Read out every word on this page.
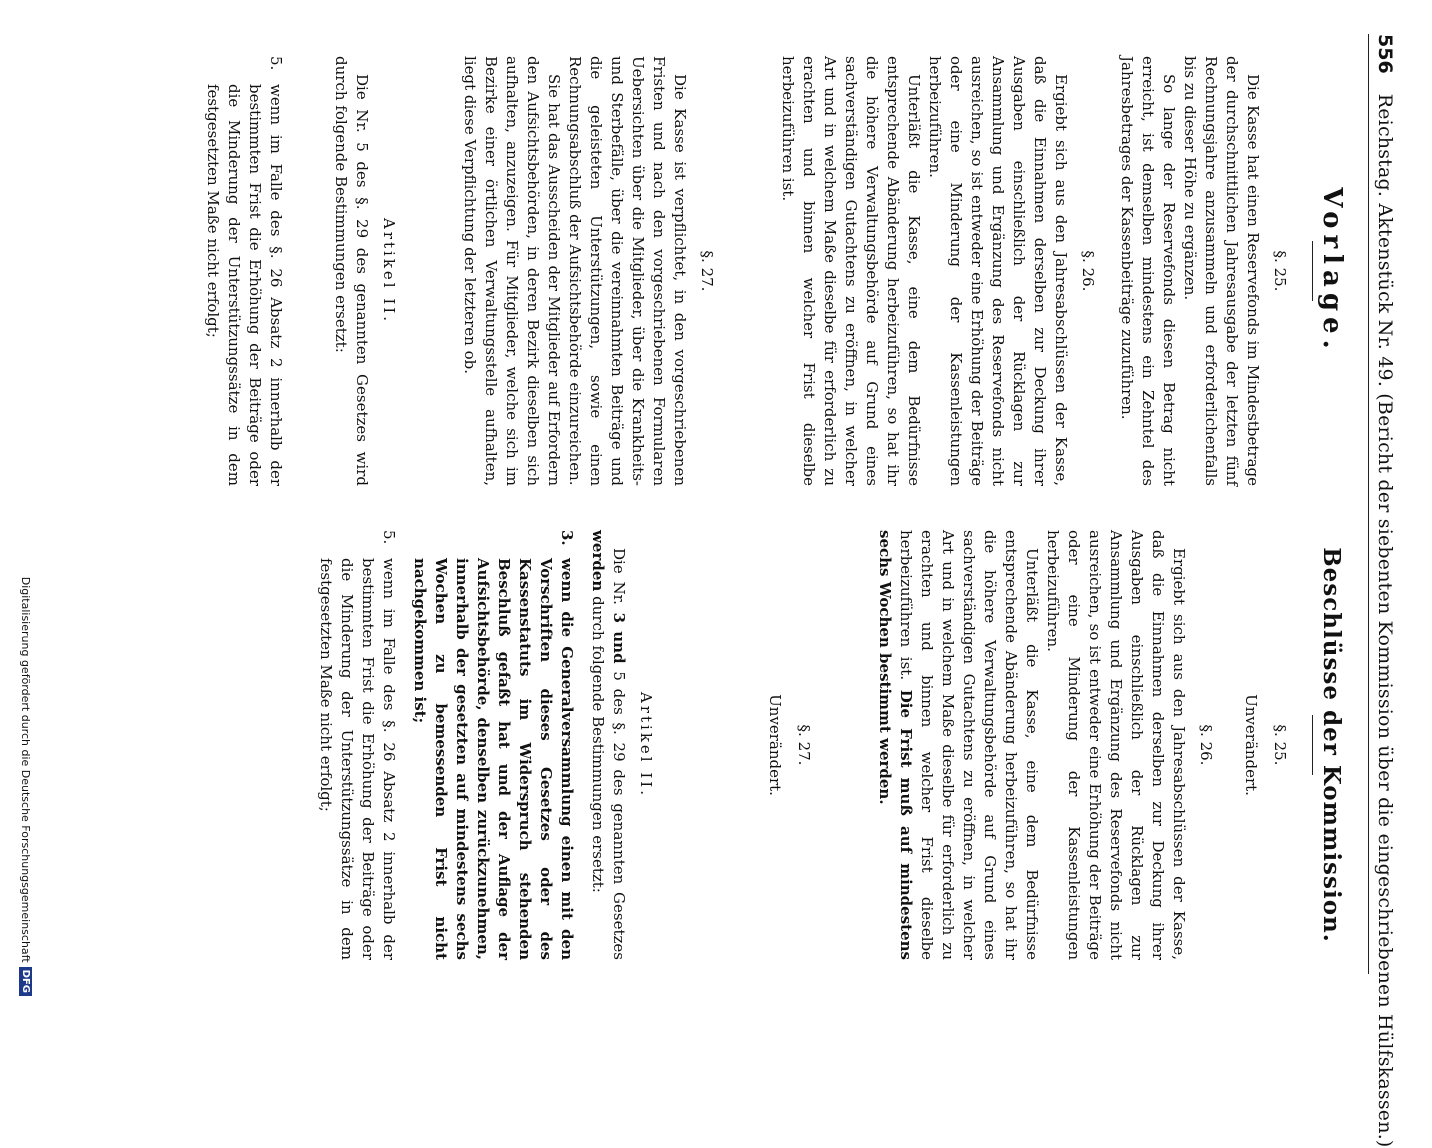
556 Reichstag. Aktenstück Nr. 49. (Bericht der siebenten Kommission über die eingeschriebenen Hülfskassen.)
Vorlage.
§. 25.

Die Kasse hat einen Reservefonds im Mindestbetrage der durchschnittlichen Jahresausgabe der letzten fünf Rechnungsjahre anzusammeln und erforderlichenfalls bis zu dieser Höhe zu ergänzen.

So lange der Reservefonds diesen Betrag nicht erreicht, ist demselben mindestens ein Zehntel des Jahresbetrages der Kassenbeiträge zuzuführen.

§. 26.

Ergiebt sich aus den Jahresabschlüssen der Kasse, daß die Einnahmen derselben zur Deckung ihrer Ausgaben einschließlich der Rücklagen zur Ansammlung und Ergänzung des Reservefonds nicht ausreichen, so ist entweder eine Erhöhung der Beiträge oder eine Minderung der Kassenleistungen herbeizuführen.

Unterläßt die Kasse, eine dem Bedürfnisse entsprechende Abänderung herbeizuführen, so hat ihr die höhere Verwaltungsbehörde auf Grund eines sachverständigen Gutachtens zu eröffnen, in welcher Art und in welchem Maße dieselbe für erforderlich zu erachten und binnen welcher Frist dieselbe herbeizuführen ist.

§. 27.

Die Kasse ist verpflichtet, in den vorgeschriebenen Fristen und nach den vorgeschriebenen Formularen Uebersichten über die Mitglieder, über die Krankheits- und Sterbefälle, über die vereinnahmten Beiträge und die geleisteten Unterstützungen, sowie einen Rechnungsabschluß der Aufsichtsbehörde einzureichen.

Sie hat das Ausscheiden der Mitglieder auf Erfordern den Aufsichtsbehörden, in deren Bezirk dieselben sich aufhalten, anzuzeigen. Für Mitglieder, welche sich im Bezirke einer örtlichen Verwaltungsstelle aufhalten, liegt diese Verpflichtung der letzteren ob.

Artikel II.

Die Nr. 5 des §. 29 des genannten Gesetzes wird durch folgende Bestimmungen ersetzt:

5.
wenn im Falle des §. 26 Absatz 2 innerhalb der bestimmten Frist die Erhöhung der Beiträge oder die Minderung der Unterstützungssätze in dem festgesetzten Maße nicht erfolgt;
Beschlüsse der Kommission.
§. 25.
Unverändert.
§. 26.

Ergiebt sich aus den Jahresabschlüssen der Kasse, daß die Einnahmen derselben zur Deckung ihrer Ausgaben einschließlich der Rücklagen zur Ansammlung und Ergänzung des Reservefonds nicht ausreichen, so ist entweder eine Erhöhung der Beiträge oder eine Minderung der Kassenleistungen herbeizuführen.

Unterläßt die Kasse, eine dem Bedürfnisse entsprechende Abänderung herbeizuführen, so hat ihr die höhere Verwaltungsbehörde auf Grund eines sachverständigen Gutachtens zu eröffnen, in welcher Art und in welchem Maße dieselbe für erforderlich zu erachten und binnen welcher Frist dieselbe herbeizuführen ist. Die Frist muß auf mindestens sechs Wochen bestimmt werden.

§. 27.
Unverändert.
Artikel II.

Die Nr. 3 und 5 des §. 29 des genannten Gesetzes werden durch folgende Bestimmungen ersetzt:

3.
wenn die Generalversammlung einen mit den Vorschriften dieses Gesetzes oder des Kassenstatuts im Widerspruch stehenden Beschluß gefaßt hat und der Auflage der Aufsichtsbehörde, denselben zurückzunehmen, innerhalb der gesetzten auf mindestens sechs Wochen zu bemessenden Frist nicht nachgekommen ist;
5.
wenn im Falle des §. 26 Absatz 2 innerhalb der bestimmten Frist die Erhöhung der Beiträge oder die Minderung der Unterstützungssätze in dem festgesetzten Maße nicht erfolgt;
Digitalisierung gefördert durch die Deutsche Forschungsgemeinschaft
DFG
